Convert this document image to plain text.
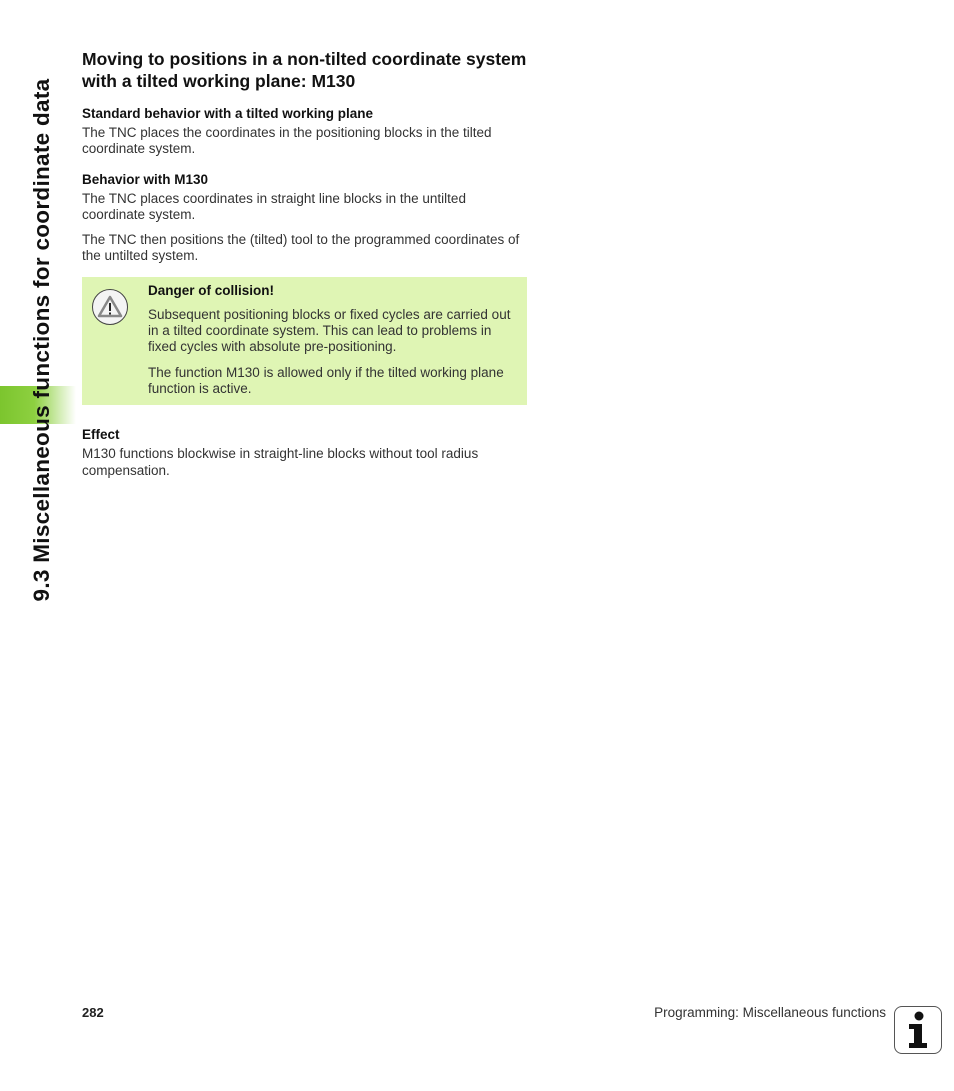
9.3 Miscellaneous functions for coordinate data
Moving to positions in a non-tilted coordinate system with a tilted working plane: M130
Standard behavior with a tilted working plane

The TNC places the coordinates in the positioning blocks in the tilted coordinate system.

Behavior with M130

The TNC places coordinates in straight line blocks in the untilted coordinate system.

The TNC then positions the (tilted) tool to the programmed coordinates of the untilted system.

Danger of collision!

Subsequent positioning blocks or fixed cycles are carried out in a tilted coordinate system. This can lead to problems in fixed cycles with absolute pre-positioning.

The function M130 is allowed only if the tilted working plane function is active.

Effect

M130 functions blockwise in straight-line blocks without tool radius compensation.

282	Programming: Miscellaneous functions
